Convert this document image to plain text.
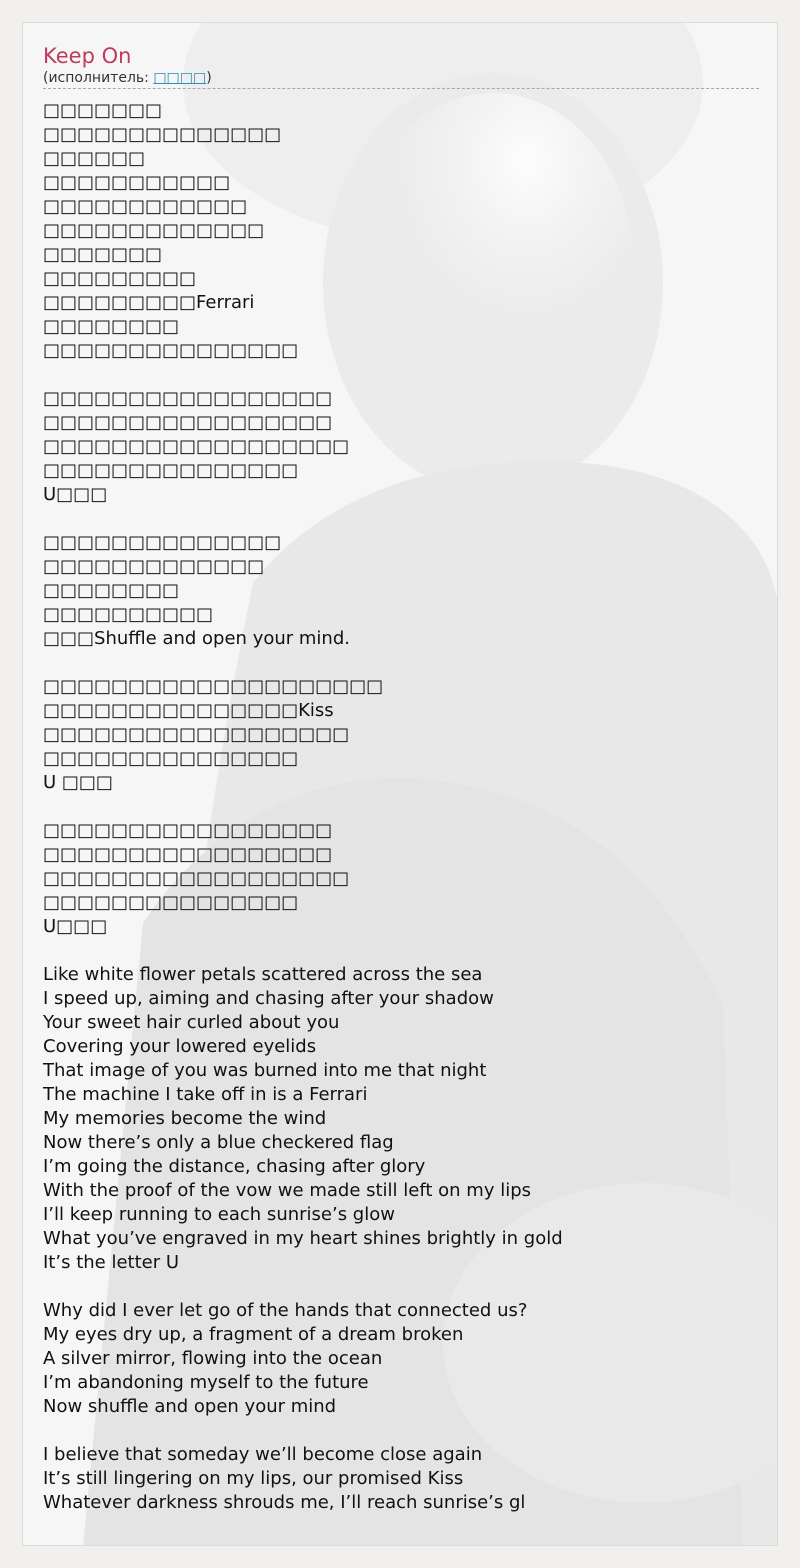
Keep On
(исполнитель: □□□□)
□□□□□□□
□□□□□□□□□□□□□□
□□□□□□
□□□□□□□□□□□
□□□□□□□□□□□□
□□□□□□□□□□□□□
□□□□□□□
□□□□□□□□□
□□□□□□□□□Ferrari
□□□□□□□□
□□□□□□□□□□□□□□□
□□□□□□□□□□□□□□□□□
□□□□□□□□□□□□□□□□□
□□□□□□□□□□□□□□□□□□
□□□□□□□□□□□□□□□
U□□□
□□□□□□□□□□□□□□
□□□□□□□□□□□□□
□□□□□□□□
□□□□□□□□□□
□□□Shuffle and open your mind.
□□□□□□□□□□□□□□□□□□□□
□□□□□□□□□□□□□□□Kiss
□□□□□□□□□□□□□□□□□□
□□□□□□□□□□□□□□□
U □□□
□□□□□□□□□□□□□□□□□
□□□□□□□□□□□□□□□□□
□□□□□□□□□□□□□□□□□□
□□□□□□□□□□□□□□□
U□□□
Like white flower petals scattered across the sea
I speed up, aiming and chasing after your shadow
Your sweet hair curled about you
Covering your lowered eyelids
That image of you was burned into me that night
The machine I take off in is a Ferrari
My memories become the wind
Now there’s only a blue checkered flag
I’m going the distance, chasing after glory
With the proof of the vow we made still left on my lips
I’ll keep running to each sunrise’s glow
What you’ve engraved in my heart shines brightly in gold
It’s the letter U
Why did I ever let go of the hands that connected us?
My eyes dry up, a fragment of a dream broken
A silver mirror, flowing into the ocean
I’m abandoning myself to the future
Now shuffle and open your mind
I believe that someday we’ll become close again
It’s still lingering on my lips, our promised Kiss
Whatever darkness shrouds me, I’ll reach sunrise’s gl
